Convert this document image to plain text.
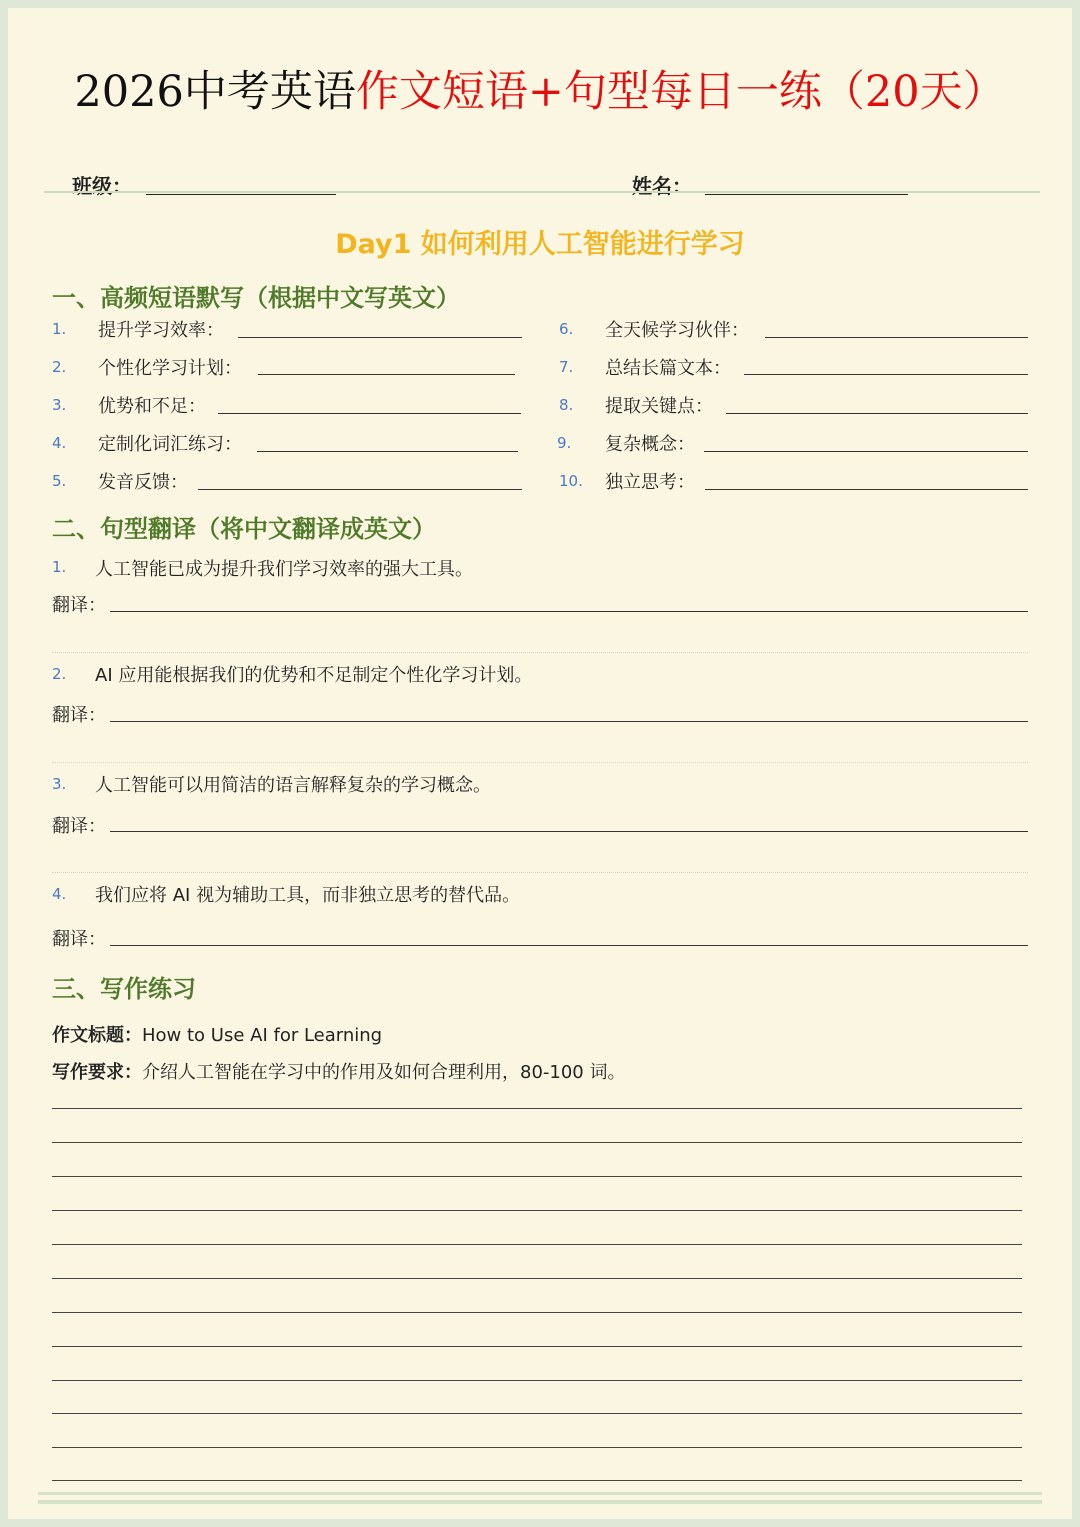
2026中考英语作文短语+句型每日一练（20天）
班级：	姓名：
Day1 如何利用人工智能进行学习
一、高频短语默写（根据中文写英文）
1. 提升学习效率：
2. 个性化学习计划：
3. 优势和不足：
4. 定制化词汇练习：
5. 发音反馈：
6. 全天候学习伙伴：
7. 总结长篇文本：
8. 提取关键点：
9. 复杂概念：
10. 独立思考：
二、句型翻译（将中文翻译成英文）
1. 人工智能已成为提升我们学习效率的强大工具。
翻译：
2. AI 应用能根据我们的优势和不足制定个性化学习计划。
翻译：
3. 人工智能可以用简洁的语言解释复杂的学习概念。
翻译：
4. 我们应将 AI 视为辅助工具，而非独立思考的替代品。
翻译：
三、写作练习
作文标题：How to Use AI for Learning
写作要求：介绍人工智能在学习中的作用及如何合理利用，80-100 词。
